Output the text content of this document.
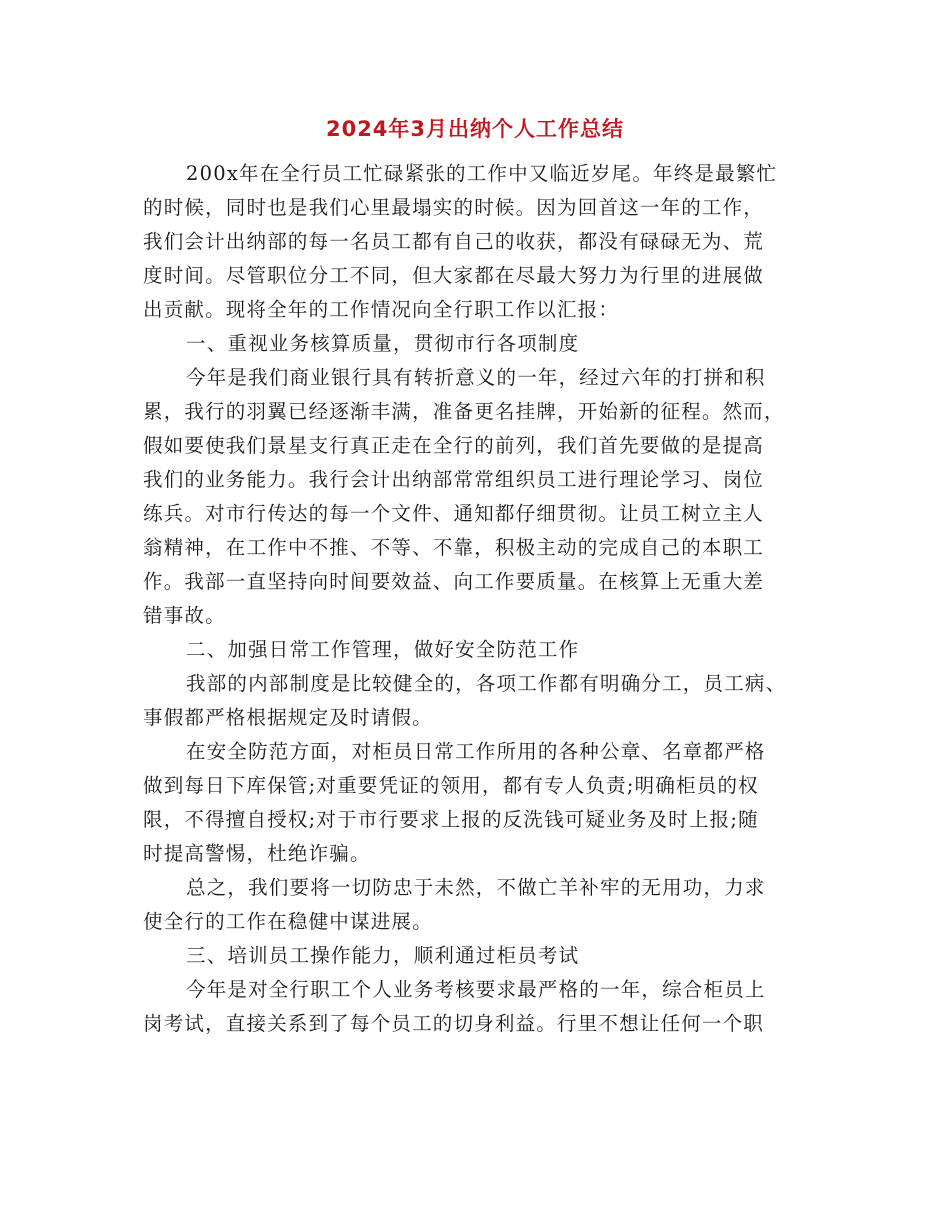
2024年3月出纳个人工作总结
200x年在全行员工忙碌紧张的工作中又临近岁尾。年终是最繁忙
的时候，同时也是我们心里最塌实的时候。因为回首这一年的工作，
我们会计出纳部的每一名员工都有自己的收获，都没有碌碌无为、荒
度时间。尽管职位分工不同，但大家都在尽最大努力为行里的进展做
出贡献。现将全年的工作情况向全行职工作以汇报：
一、重视业务核算质量，贯彻市行各项制度
今年是我们商业银行具有转折意义的一年，经过六年的打拼和积
累，我行的羽翼已经逐渐丰满，准备更名挂牌，开始新的征程。然而，
假如要使我们景星支行真正走在全行的前列，我们首先要做的是提高
我们的业务能力。我行会计出纳部常常组织员工进行理论学习、岗位
练兵。对市行传达的每一个文件、通知都仔细贯彻。让员工树立主人
翁精神，在工作中不推、不等、不靠，积极主动的完成自己的本职工
作。我部一直坚持向时间要效益、向工作要质量。在核算上无重大差
错事故。
二、加强日常工作管理，做好安全防范工作
我部的内部制度是比较健全的，各项工作都有明确分工，员工病、
事假都严格根据规定及时请假。
在安全防范方面，对柜员日常工作所用的各种公章、名章都严格
做到每日下库保管;对重要凭证的领用，都有专人负责;明确柜员的权
限，不得擅自授权;对于市行要求上报的反洗钱可疑业务及时上报;随
时提高警惕，杜绝诈骗。
总之，我们要将一切防忠于未然，不做亡羊补牢的无用功，力求
使全行的工作在稳健中谋进展。
三、培训员工操作能力，顺利通过柜员考试
今年是对全行职工个人业务考核要求最严格的一年，综合柜员上
岗考试，直接关系到了每个员工的切身利益。行里不想让任何一个职
